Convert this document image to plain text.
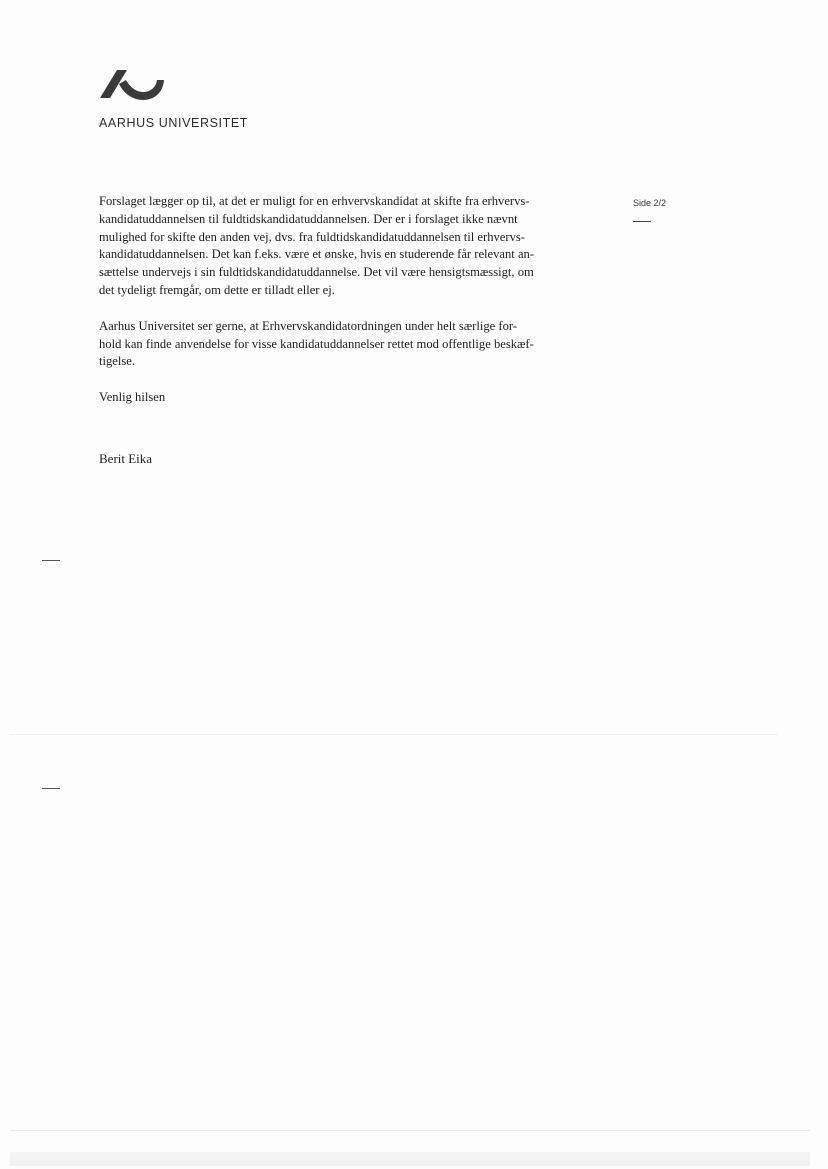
AARHUS UNIVERSITET
Side 2/2

Forslaget lægger op til, at det er muligt for en erhvervskandidat at skifte fra erhvervs-
kandidatuddannelsen til fuldtidskandidatuddannelsen. Der er i forslaget ikke nævnt
mulighed for skifte den anden vej, dvs. fra fuldtidskandidatuddannelsen til erhvervs-
kandidatuddannelsen. Det kan f.eks. være et ønske, hvis en studerende får relevant an-
sættelse undervejs i sin fuldtidskandidatuddannelse. Det vil være hensigtsmæssigt, om
det tydeligt fremgår, om dette er tilladt eller ej.

Aarhus Universitet ser gerne, at Erhvervskandidatordningen under helt særlige for-
hold kan finde anvendelse for visse kandidatuddannelser rettet mod offentlige beskæf-
tigelse.

Venlig hilsen

Berit Eika
